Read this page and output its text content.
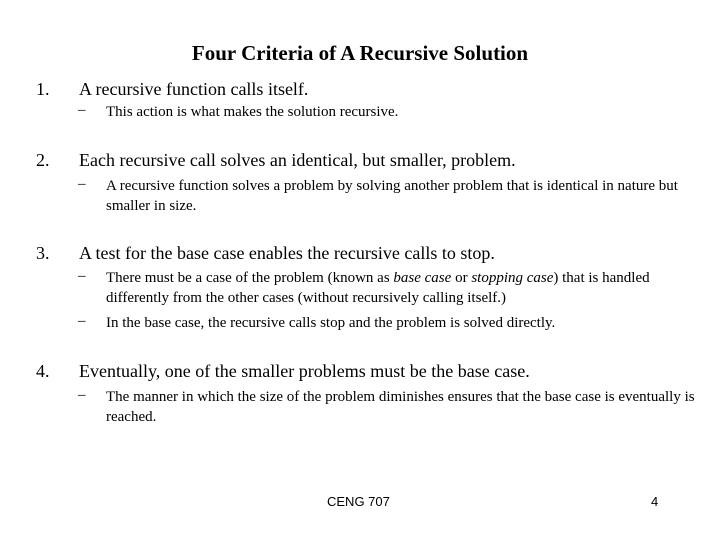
Four Criteria of A Recursive Solution
1. A recursive function calls itself.
– This action is what makes the solution recursive.
2. Each recursive call solves an identical, but smaller, problem.
– A recursive function solves a problem by solving another problem that is identical in nature but smaller in size.
3. A test for the base case enables the recursive calls to stop.
– There must be a case of the problem (known as base case or stopping case) that is handled differently from the other cases (without recursively calling itself.)
– In the base case, the recursive calls stop and the problem is solved directly.
4. Eventually, one of the smaller problems must be the base case.
– The manner in which the size of the problem diminishes ensures that the base case is eventually is reached.
CENG 707	4
